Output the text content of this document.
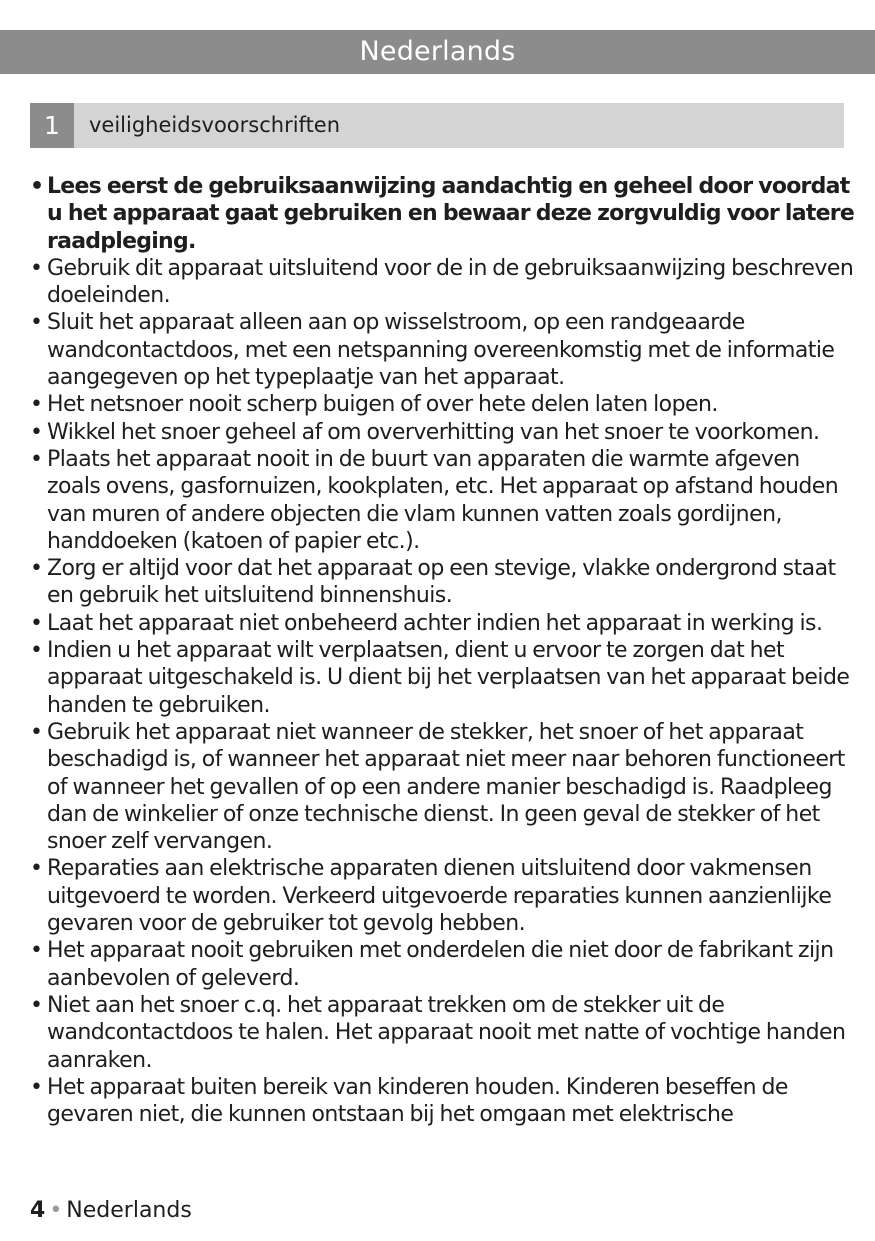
Nederlands
1	veiligheidsvoorschriften
• Lees eerst de gebruiksaanwijzing aandachtig en geheel door voordat u het apparaat gaat gebruiken en bewaar deze zorgvuldig voor latere raadpleging.
• Gebruik dit apparaat uitsluitend voor de in de gebruiksaanwijzing beschreven doeleinden.
• Sluit het apparaat alleen aan op wisselstroom, op een randgeaarde wandcontactdoos, met een netspanning overeenkomstig met de informatie aangegeven op het typeplaatje van het apparaat.
• Het netsnoer nooit scherp buigen of over hete delen laten lopen.
• Wikkel het snoer geheel af om oververhitting van het snoer te voorkomen.
• Plaats het apparaat nooit in de buurt van apparaten die warmte afgeven zoals ovens, gasfornuizen, kookplaten, etc. Het apparaat op afstand houden van muren of andere objecten die vlam kunnen vatten zoals gordijnen, handdoeken (katoen of papier etc.).
• Zorg er altijd voor dat het apparaat op een stevige, vlakke ondergrond staat en gebruik het uitsluitend binnenshuis.
• Laat het apparaat niet onbeheerd achter indien het apparaat in werking is.
• Indien u het apparaat wilt verplaatsen, dient u ervoor te zorgen dat het apparaat uitgeschakeld is. U dient bij het verplaatsen van het apparaat beide handen te gebruiken.
• Gebruik het apparaat niet wanneer de stekker, het snoer of het apparaat beschadigd is, of wanneer het apparaat niet meer naar behoren functioneert of wanneer het gevallen of op een andere manier beschadigd is. Raadpleeg dan de winkelier of onze technische dienst. In geen geval de stekker of het snoer zelf vervangen.
• Reparaties aan elektrische apparaten dienen uitsluitend door vakmensen uitgevoerd te worden. Verkeerd uitgevoerde reparaties kunnen aanzienlijke gevaren voor de gebruiker tot gevolg hebben.
• Het apparaat nooit gebruiken met onderdelen die niet door de fabrikant zijn aanbevolen of geleverd.
• Niet aan het snoer c.q. het apparaat trekken om de stekker uit de wandcontactdoos te halen. Het apparaat nooit met natte of vochtige handen aanraken.
• Het apparaat buiten bereik van kinderen houden. Kinderen beseffen de gevaren niet, die kunnen ontstaan bij het omgaan met elektrische
4 • Nederlands
